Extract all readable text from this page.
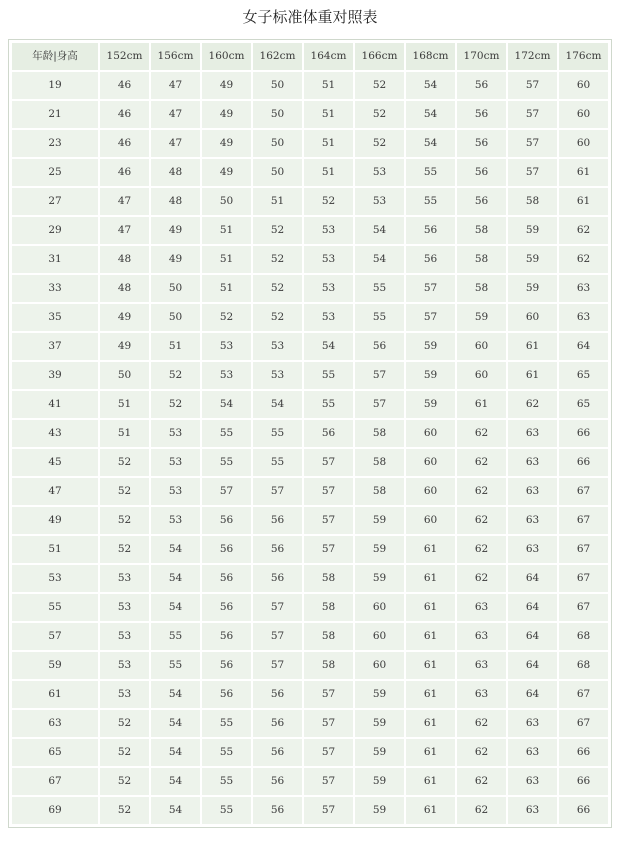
女子标准体重对照表
年龄|身高	152cm	156cm	160cm	162cm	164cm	166cm	168cm	170cm	172cm	176cm
19	46	47	49	50	51	52	54	56	57	60
21	46	47	49	50	51	52	54	56	57	60
23	46	47	49	50	51	52	54	56	57	60
25	46	48	49	50	51	53	55	56	57	61
27	47	48	50	51	52	53	55	56	58	61
29	47	49	51	52	53	54	56	58	59	62
31	48	49	51	52	53	54	56	58	59	62
33	48	50	51	52	53	55	57	58	59	63
35	49	50	52	52	53	55	57	59	60	63
37	49	51	53	53	54	56	59	60	61	64
39	50	52	53	53	55	57	59	60	61	65
41	51	52	54	54	55	57	59	61	62	65
43	51	53	55	55	56	58	60	62	63	66
45	52	53	55	55	57	58	60	62	63	66
47	52	53	57	57	57	58	60	62	63	67
49	52	53	56	56	57	59	60	62	63	67
51	52	54	56	56	57	59	61	62	63	67
53	53	54	56	56	58	59	61	62	64	67
55	53	54	56	57	58	60	61	63	64	67
57	53	55	56	57	58	60	61	63	64	68
59	53	55	56	57	58	60	61	63	64	68
61	53	54	56	56	57	59	61	63	64	67
63	52	54	55	56	57	59	61	62	63	67
65	52	54	55	56	57	59	61	62	63	66
67	52	54	55	56	57	59	61	62	63	66
69	52	54	55	56	57	59	61	62	63	66
